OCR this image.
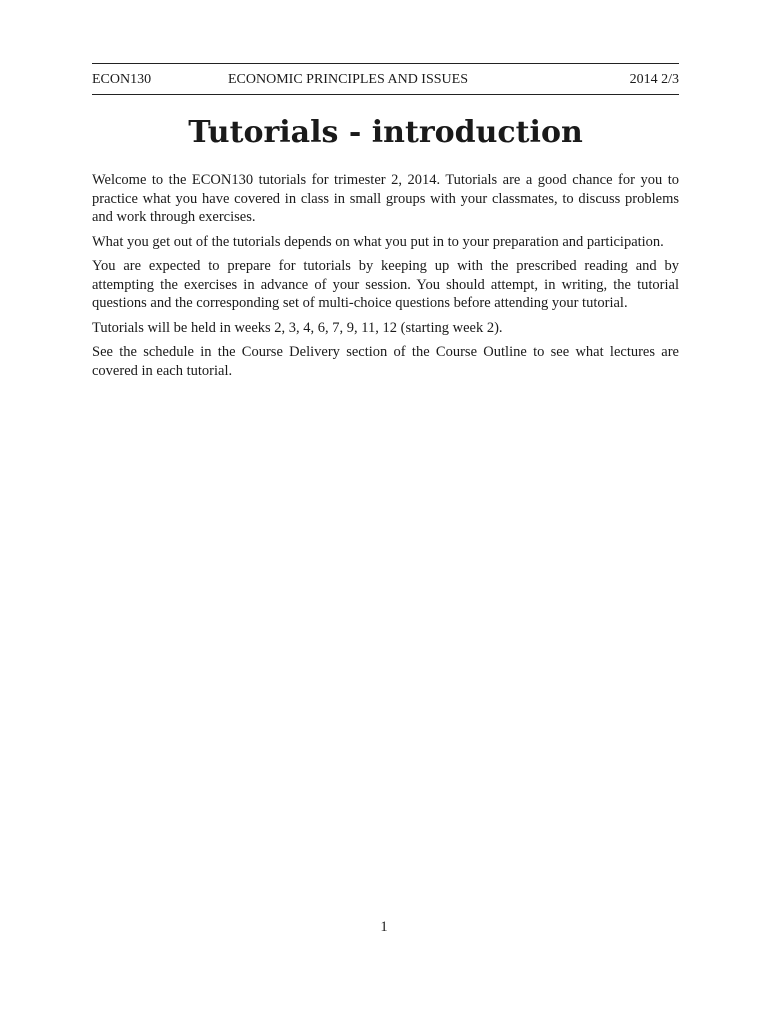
ECON130	ECONOMIC PRINCIPLES AND ISSUES	2014 2/3
Tutorials - introduction

Welcome to the ECON130 tutorials for trimester 2, 2014. Tutorials are a good chance for you to practice what you have covered in class in small groups with your classmates, to discuss problems and work through exercises.

What you get out of the tutorials depends on what you put in to your preparation and participation.

You are expected to prepare for tutorials by keeping up with the prescribed reading and by attempting the exercises in advance of your session. You should attempt, in writing, the tutorial questions and the corresponding set of multi-choice questions before attending your tutorial.

Tutorials will be held in weeks 2, 3, 4, 6, 7, 9, 11, 12 (starting week 2).

See the schedule in the Course Delivery section of the Course Outline to see what lectures are covered in each tutorial.

1
